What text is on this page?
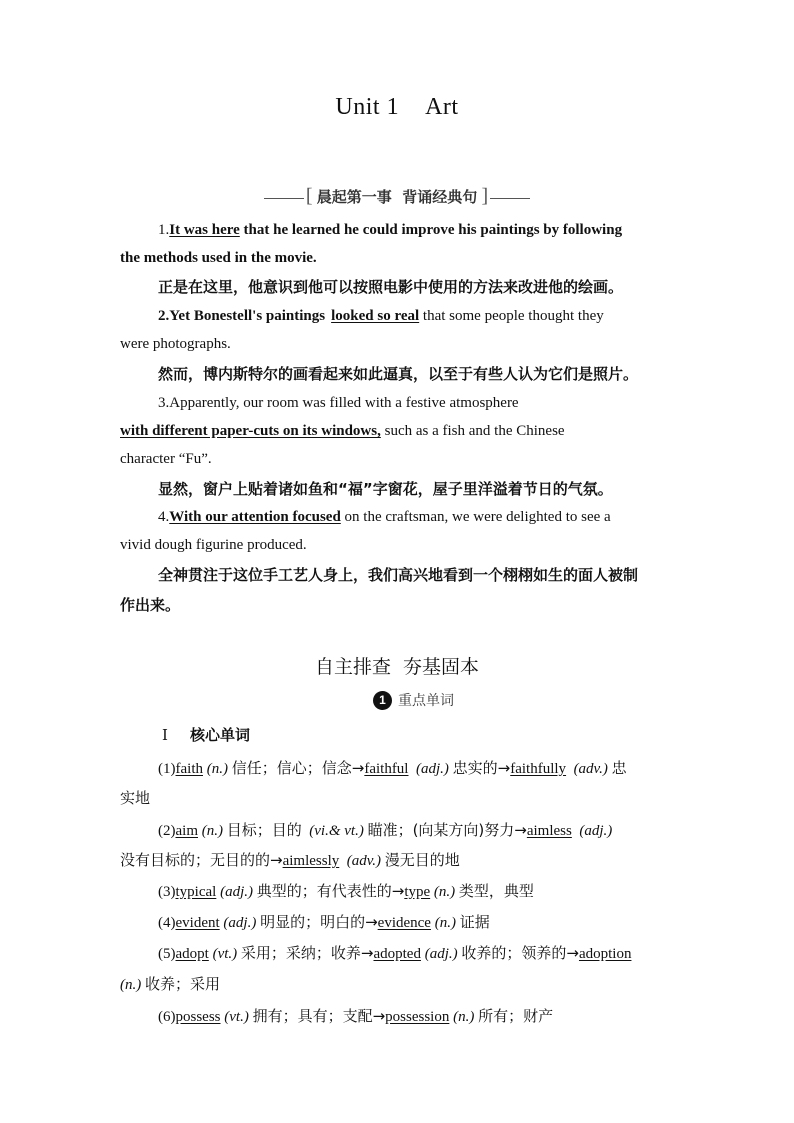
Unit 1    Art
[ 晨起第一事  背诵经典句 ]
1.It was here that he learned he could improve his paintings by following
the methods used in the movie.
正是在这里，他意识到他可以按照电影中使用的方法来改进他的绘画。
2.Yet Bonestell's paintings looked so real that some people thought they
were photographs.
然而，博内斯特尔的画看起来如此逼真，以至于有些人认为它们是照片。
3.Apparently, our room was filled with a festive atmosphere
with different paper-cuts on its windows, such as a fish and the Chinese
character “Fu”.
显然，窗户上贴着诸如鱼和“福”字窗花，屋子里洋溢着节日的气氛。
4.With our attention focused on the craftsman, we were delighted to see a
vivid dough figurine produced.
全神贯注于这位手工艺人身上，我们高兴地看到一个栩栩如生的面人被制
作出来。
自主排查  夯基固本
1 重点单词
Ⅰ 核心单词
(1)faith (n.) 信任；信心；信念→faithful (adj.) 忠实的→faithfully (adv.) 忠
实地
(2)aim (n.) 目标；目的 (vi.& vt.) 瞄准；(向某方向)努力→aimless (adj.)
没有目标的；无目的的→aimlessly (adv.) 漫无目的地
(3)typical (adj.) 典型的；有代表性的→type (n.) 类型，典型
(4)evident (adj.) 明显的；明白的→evidence (n.) 证据
(5)adopt (vt.) 采用；采纳；收养→adopted (adj.) 收养的；领养的→adoption
(n.) 收养；采用
(6)possess (vt.) 拥有；具有；支配→possession (n.) 所有；财产
